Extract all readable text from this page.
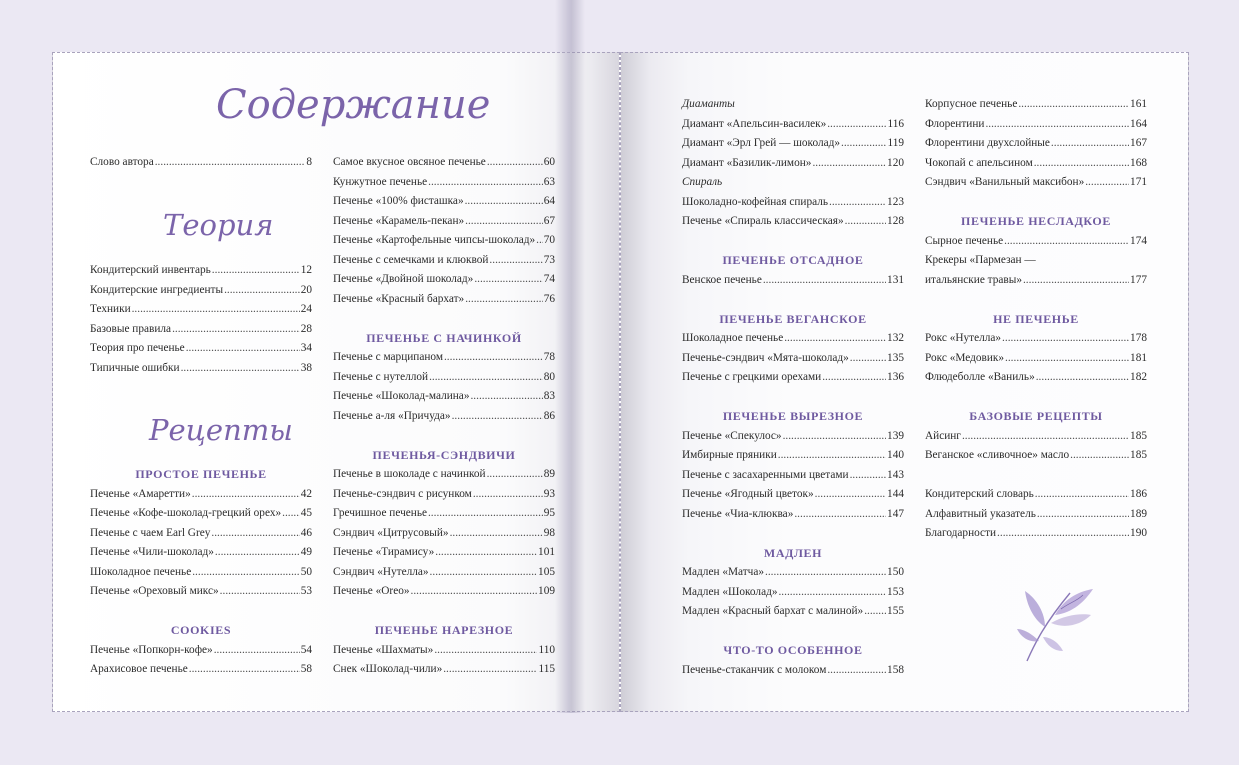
Содержание
Теория
Рецепты
Слово автора .....	8
Кондитерский инвентарь .....	12
Кондитерские ингредиенты .....	20
Техники .....	24
Базовые правила .....	28
Теория про печенье .....	34
Типичные ошибки .....	38
ПРОСТОЕ ПЕЧЕНЬЕ
Печенье «Амаретти» .....	42
Печенье «Кофе-шоколад-грецкий орех» ..... 45
Печенье с чаем Earl Grey .....	46
Печенье «Чили-шоколад» .....	49
Шоколадное печенье .....	50
Печенье «Ореховый микс» .....	53
COOKIES
Печенье «Попкорн-кофе» .....	54
Арахисовое печенье .....	58
Самое вкусное овсяное печенье .....	60
Кунжутное печенье .....	63
Печенье «100% фисташка» .....	64
Печенье «Карамель-пекан» .....	67
Печенье «Картофельные чипсы-шоколад» ..... 70
Печенье с семечками и клюквой .....	73
Печенье «Двойной шоколад» .....	74
Печенье «Красный бархат» .....	76
ПЕЧЕНЬЕ С НАЧИНКОЙ
Печенье с марципаном .....	78
Печенье с нутеллой .....	80
Печенье «Шоколад-малина» .....	83
Печенье а-ля «Причуда» .....	86
ПЕЧЕНЬЯ-СЭНДВИЧИ
Печенье в шоколаде с начинкой .....	89
Печенье-сэндвич с рисунком .....	93
Гречишное печенье .....	95
Сэндвич «Цитрусовый» .....	98
Печенье «Тирамису» .....	101
Сэндвич «Нутелла» .....	105
Печенье «Oreo» .....	109
ПЕЧЕНЬЕ НАРЕЗНОЕ
Печенье «Шахматы» .....	110
Снек «Шоколад-чили» .....	115
Диаманты
Диамант «Апельсин-василек» .....	116
Диамант «Эрл Грей — шоколад» .....	119
Диамант «Базилик-лимон» .....	120
Спираль
Шоколадно-кофейная спираль .....	123
Печенье «Спираль классическая» .....	128
ПЕЧЕНЬЕ ОТСАДНОЕ
Венское печенье .....	131
ПЕЧЕНЬЕ ВЕГАНСКОЕ
Шоколадное печенье .....	132
Печенье-сэндвич «Мята-шоколад» .....	135
Печенье с грецкими орехами .....	136
ПЕЧЕНЬЕ ВЫРЕЗНОЕ
Печенье «Спекулос» .....	139
Имбирные пряники .....	140
Печенье с засахаренными цветами .....	143
Печенье «Ягодный цветок» .....	144
Печенье «Чиа-клюква» .....	147
МАДЛЕН
Мадлен «Матча» .....	150
Мадлен «Шоколад» .....	153
Мадлен «Красный бархат с малиной» ..... 155
ЧТО-ТО ОСОБЕННОЕ
Печенье-стаканчик с молоком .....	158
Корпусное печенье .....	161
Флорентини .....	164
Флорентини двухслойные .....	167
Чокопай с апельсином .....	168
Сэндвич «Ванильный максибон» .....	171
ПЕЧЕНЬЕ НЕСЛАДКОЕ
Сырное печенье .....	174
Крекеры «Пармезан —
итальянские травы» .....	177
НЕ ПЕЧЕНЬЕ
Рокс «Нутелла» .....	178
Рокс «Медовик» .....	181
Флюдеболле «Ваниль» .....	182
БАЗОВЫЕ РЕЦЕПТЫ
Айсинг .....	185
Веганское «сливочное» масло .....	185
Кондитерский словарь .....	186
Алфавитный указатель .....	189
Благодарности .....	190
